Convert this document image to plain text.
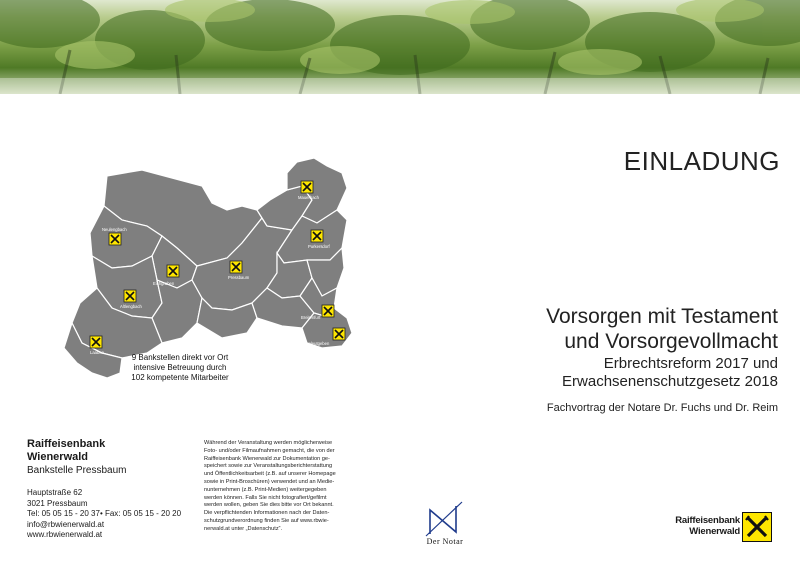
EINLADUNG
Vorsorgen mit Testament
und Vorsorgevollmacht
Erbrechtsreform 2017 und
Erwachsenenschutzgesetz 2018
Fachvortrag der Notare Dr. Fuchs und Dr. Reim
Neulengbach
Eichgraben
Altlengbach
Laaben
Pressbaum
Mauerbach
Purkersdorf
Breitenfurt
Kaltenleutgeben
9 Bankstellen direkt vor Ort
intensive Betreuung durch
102 kompetente Mitarbeiter
Raiffeisenbank
Wienerwald
Bankstelle Pressbaum
Hauptstraße 62
3021 Pressbaum
Tel: 05 05 15 - 20 37• Fax: 05 05 15 - 20 20
info@rbwienerwald.at
www.rbwienerwald.at
Während der Veranstaltung werden möglicherweise
Foto- und/oder Filmaufnahmen gemacht, die von der
Raiffeisenbank Wienerwald zur Dokumentation ge-
speichert sowie zur Veranstaltungsberichterstattung
und Öffentlichkeitsarbeit (z.B. auf unserer Homepage
sowie in Print-Broschüren) verwendet und an Medie-
nunternehmen (z.B. Print-Medien) weitergegeben
werden können. Falls Sie nicht fotografiert/gefilmt
werden wollen, geben Sie dies bitte vor Ort bekannt.
Die verpflichtenden Informationen nach der Daten-
schutzgrundverordnung finden Sie auf www.rbwie-
nerwald.at unter „Datenschutz“.
Der Notar
Raiffeisenbank
Wienerwald
